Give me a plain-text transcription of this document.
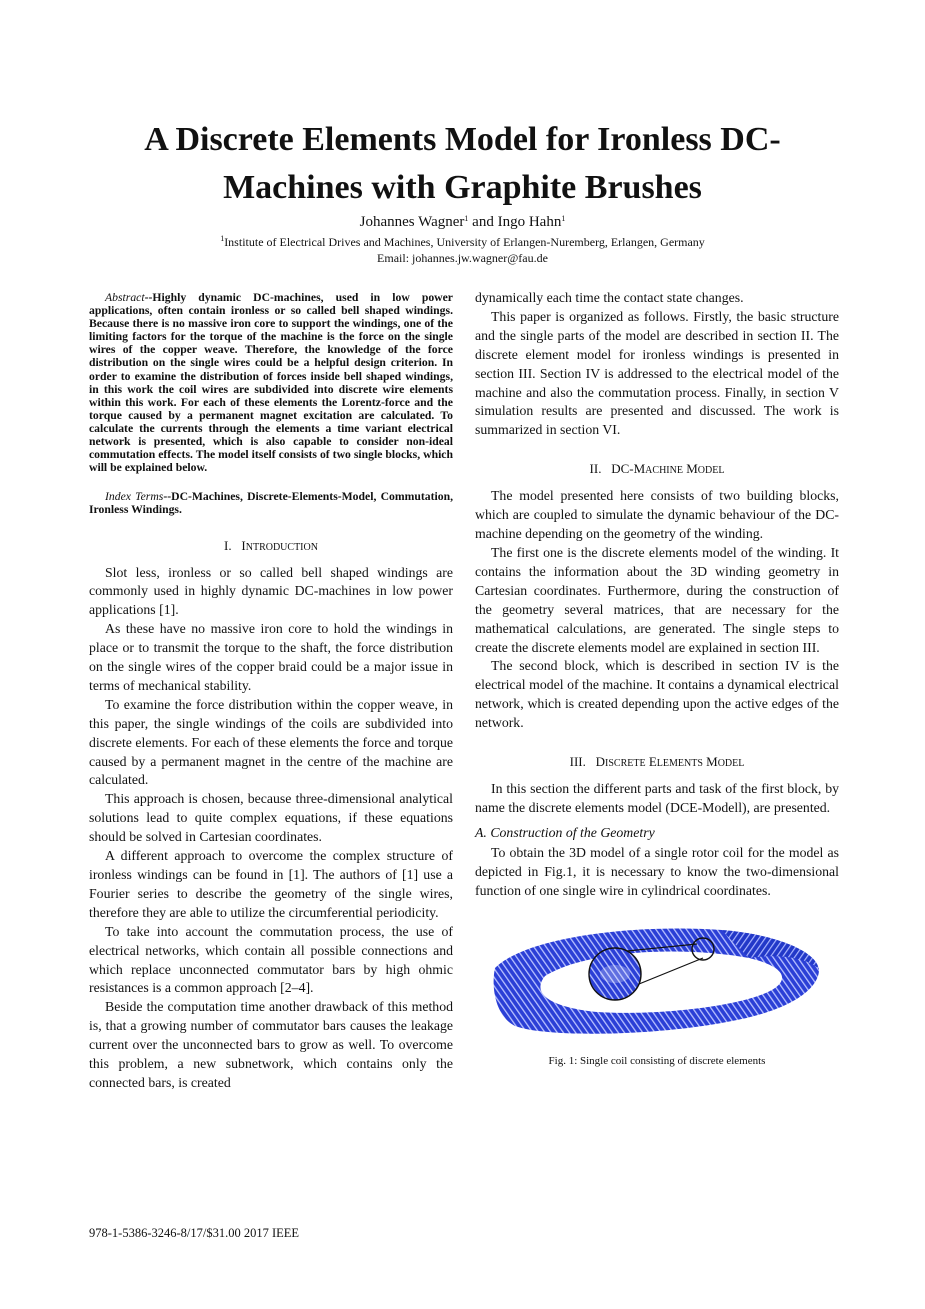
A Discrete Elements Model for Ironless DC-
Machines with Graphite Brushes
Johannes Wagner$^1$ and Ingo Hahn$^1$
$^1$Institute of Electrical Drives and Machines, University of Erlangen-Nuremberg, Erlangen, Germany
Email: johannes.jw.wagner@fau.de

Abstract--Highly dynamic DC-machines, used in low power applications, often contain ironless or so called bell shaped windings. Because there is no massive iron core to support the windings, one of the limiting factors for the torque of the machine is the force on the single wires of the copper weave. Therefore, the knowledge of the force distribution on the single wires could be a helpful design criterion. In order to examine the distribution of forces inside bell shaped windings, in this work the coil wires are subdivided into discrete wire elements within this work. For each of these elements the Lorentz-force and the torque caused by a permanent magnet excitation are calculated. To calculate the currents through the elements a time variant electrical network is presented, which is also capable to consider non-ideal commutation effects. The model itself consists of two single blocks, which will be explained below.

Index Terms--DC-Machines, Discrete-Elements-Model, Commutation, Ironless Windings.

I. INTRODUCTION

Slot less, ironless or so called bell shaped windings are commonly used in highly dynamic DC-machines in low power applications [1].

As these have no massive iron core to hold the windings in place or to transmit the torque to the shaft, the force distribution on the single wires of the copper braid could be a major issue in terms of mechanical stability.

To examine the force distribution within the copper weave, in this paper, the single windings of the coils are subdivided into discrete elements. For each of these elements the force and torque caused by a permanent magnet in the centre of the machine are calculated.

This approach is chosen, because three-dimensional analytical solutions lead to quite complex equations, if these equations should be solved in Cartesian coordinates.

A different approach to overcome the complex structure of ironless windings can be found in [1]. The authors of [1] use a Fourier series to describe the geometry of the single wires, therefore they are able to utilize the circumferential periodicity.

To take into account the commutation process, the use of electrical networks, which contain all possible connections and which replace unconnected commutator bars by high ohmic resistances is a common approach [2–4].

Beside the computation time another drawback of this method is, that a growing number of commutator bars causes the leakage current over the unconnected bars to grow as well. To overcome this problem, a new subnetwork, which contains only the connected bars, is created

dynamically each time the contact state changes.

This paper is organized as follows. Firstly, the basic structure and the single parts of the model are described in section II. The discrete element model for ironless windings is presented in section III. Section IV is addressed to the electrical model of the machine and also the commutation process. Finally, in section V simulation results are presented and discussed. The work is summarized in section VI.

II. DC-MACHINE MODEL

The model presented here consists of two building blocks, which are coupled to simulate the dynamic behaviour of the DC-machine depending on the geometry of the winding.

The first one is the discrete elements model of the winding. It contains the information about the 3D winding geometry in Cartesian coordinates. Furthermore, during the construction of the geometry several matrices, that are necessary for the mathematical calculations, are generated. The single steps to create the discrete elements model are explained in section III.

The second block, which is described in section IV is the electrical model of the machine. It contains a dynamical electrical network, which is created depending upon the active edges of the network.

III. DISCRETE ELEMENTS MODEL

In this section the different parts and task of the first block, by name the discrete elements model (DCE-Modell), are presented.

A. Construction of the Geometry

To obtain the 3D model of a single rotor coil for the model as depicted in Fig.1, it is necessary to know the two-dimensional function of one single wire in cylindrical coordinates.

Fig. 1: Single coil consisting of discrete elements
978-1-5386-3246-8/17/$31.00 2017 IEEE
